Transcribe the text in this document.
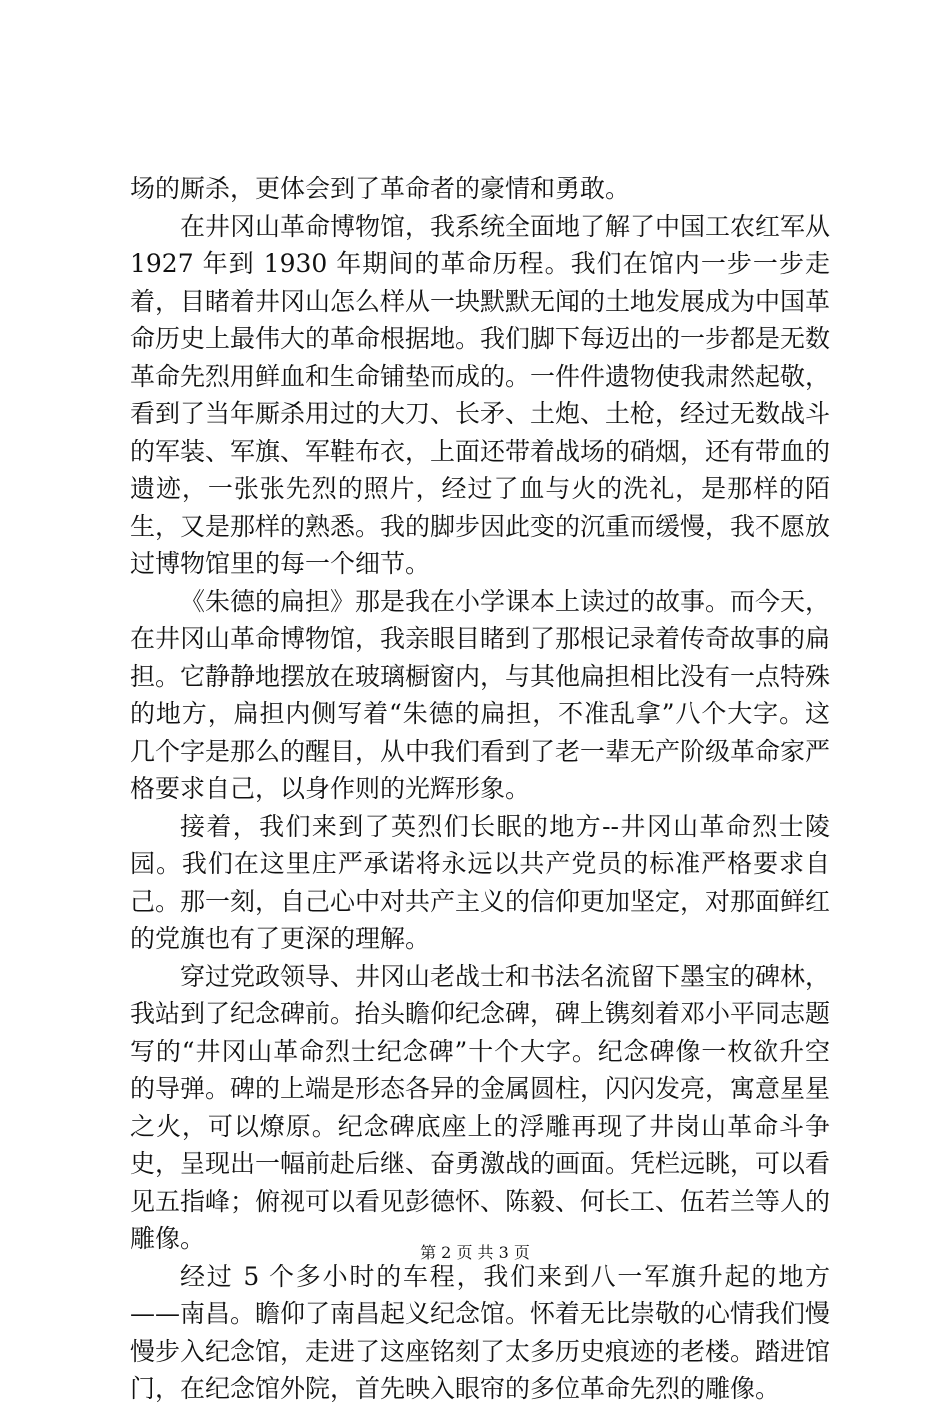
场的厮杀，更体会到了革命者的豪情和勇敢。

在井冈山革命博物馆，我系统全面地了解了中国工农红军从 1927 年到 1930 年期间的革命历程。我们在馆内一步一步走着，目睹着井冈山怎么样从一块默默无闻的土地发展成为中国革命历史上最伟大的革命根据地。我们脚下每迈出的一步都是无数革命先烈用鲜血和生命铺垫而成的。一件件遗物使我肃然起敬，看到了当年厮杀用过的大刀、长矛、土炮、土枪，经过无数战斗的军装、军旗、军鞋布衣，上面还带着战场的硝烟，还有带血的遗迹，一张张先烈的照片，经过了血与火的洗礼，是那样的陌生，又是那样的熟悉。我的脚步因此变的沉重而缓慢，我不愿放过博物馆里的每一个细节。

《朱德的扁担》那是我在小学课本上读过的故事。而今天，在井冈山革命博物馆，我亲眼目睹到了那根记录着传奇故事的扁担。它静静地摆放在玻璃橱窗内，与其他扁担相比没有一点特殊的地方，扁担内侧写着“朱德的扁担，不准乱拿”八个大字。这几个字是那么的醒目，从中我们看到了老一辈无产阶级革命家严格要求自己，以身作则的光辉形象。

接着，我们来到了英烈们长眠的地方--井冈山革命烈士陵园。我们在这里庄严承诺将永远以共产党员的标准严格要求自己。那一刻，自己心中对共产主义的信仰更加坚定，对那面鲜红的党旗也有了更深的理解。

穿过党政领导、井冈山老战士和书法名流留下墨宝的碑林，我站到了纪念碑前。抬头瞻仰纪念碑，碑上镌刻着邓小平同志题写的“井冈山革命烈士纪念碑”十个大字。纪念碑像一枚欲升空的导弹。碑的上端是形态各异的金属圆柱，闪闪发亮，寓意星星之火，可以燎原。纪念碑底座上的浮雕再现了井岗山革命斗争史，呈现出一幅前赴后继、奋勇激战的画面。凭栏远眺，可以看见五指峰；俯视可以看见彭德怀、陈毅、何长工、伍若兰等人的雕像。

经过 5 个多小时的车程，我们来到八一军旗升起的地方——南昌。瞻仰了南昌起义纪念馆。怀着无比崇敬的心情我们慢慢步入纪念馆，走进了这座铭刻了太多历史痕迹的老楼。踏进馆门，在纪念馆外院，首先映入眼帘的多位革命先烈的雕像。

第 2 页 共 3 页
